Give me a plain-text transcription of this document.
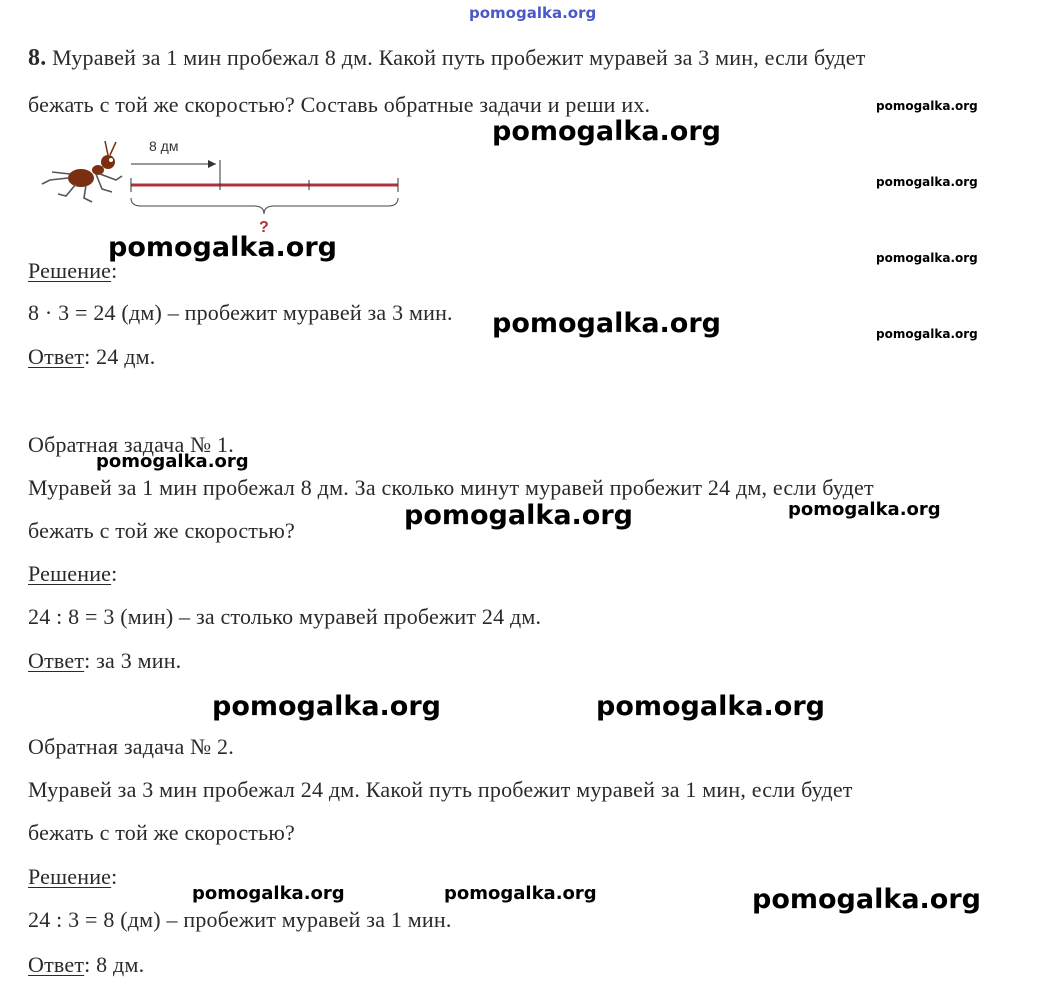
pomogalka.org
8. Муравей за 1 мин пробежал 8 дм. Какой путь пробежит муравей за 3 мин, если будет
бежать с той же скоростью? Составь обратные задачи и реши их.
8 дм
?
Решение:
8 · 3 = 24 (дм) – пробежит муравей за 3 мин.
Ответ: 24 дм.
Обратная задача № 1.
Муравей за 1 мин пробежал 8 дм. За сколько минут муравей пробежит 24 дм, если будет
бежать с той же скоростью?
Решение:
24 : 8 = 3 (мин) – за столько муравей пробежит 24 дм.
Ответ: за 3 мин.
Обратная задача № 2.
Муравей за 3 мин пробежал 24 дм. Какой путь пробежит муравей за 1 мин, если будет
бежать с той же скоростью?
Решение:
24 : 3 = 8 (дм) – пробежит муравей за 1 мин.
Ответ: 8 дм.
pomogalka.org
pomogalka.org
pomogalka.org
pomogalka.org
pomogalka.org	pomogalka.org
pomogalka.org
pomogalka.org
pomogalka.org
pomogalka.org	pomogalka.org
pomogalka.org
pomogalka.org
pomogalka.org
pomogalka.org
